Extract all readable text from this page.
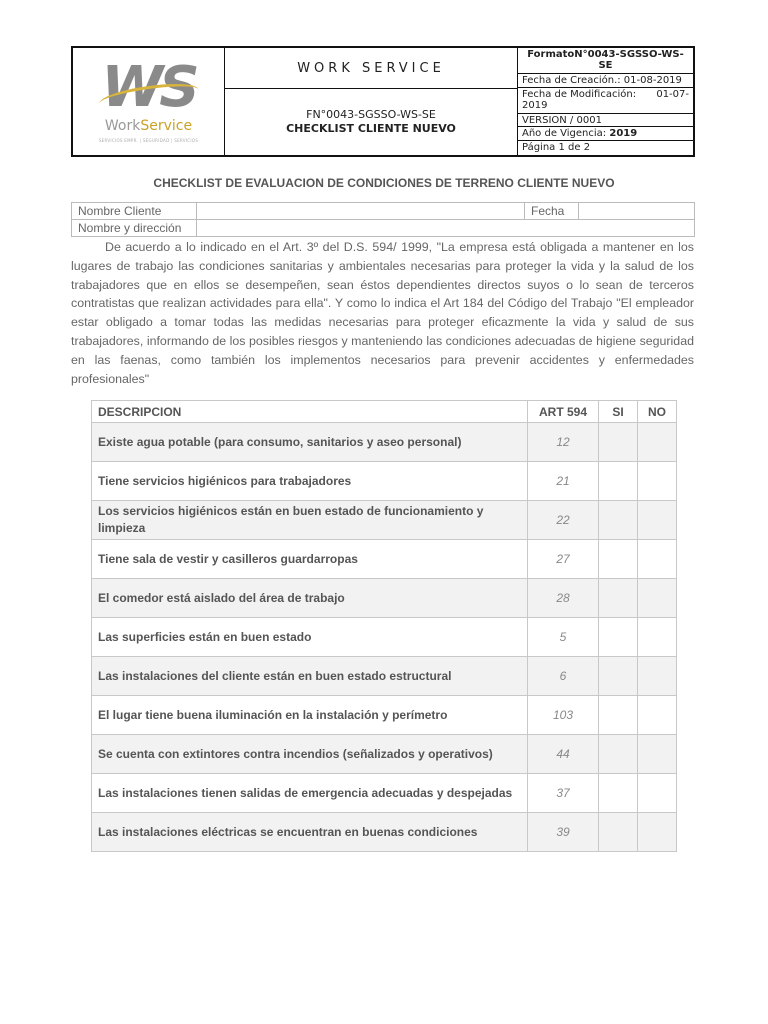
WS
WorkService
SERVICIOS EMPR. | SEGURIDAD | SERVICIOS
WORK SERVICE
FN°0043-SGSSO-WS-SE
CHECKLIST CLIENTE NUEVO
FormatoN°0043-SGSSO-WS-SE
Fecha de Creación.: 01-08-2019
Fecha de Modificación: 01-07-
2019
VERSION / 0001
Año de Vigencia: 2019
Página 1 de 2
CHECKLIST DE EVALUACION DE CONDICIONES DE TERRENO CLIENTE NUEVO
Nombre Cliente		Fecha	
Nombre y dirección			

De acuerdo a lo indicado en el Art. 3º del D.S. 594/ 1999, "La empresa está obligada a mantener en los lugares de trabajo las condiciones sanitarias y ambientales necesarias para proteger la vida y la salud de los trabajadores que en ellos se desempeñen, sean éstos dependientes directos suyos o lo sean de terceros contratistas que realizan actividades para ella". Y como lo indica el Art 184 del Código del Trabajo "El empleador estar obligado a tomar todas las medidas necesarias para proteger eficazmente la vida y salud de sus trabajadores, informando de los posibles riesgos y manteniendo las condiciones adecuadas de higiene seguridad en las faenas, como también los implementos necesarios para prevenir accidentes y enfermedades profesionales"

DESCRIPCION	ART 594	SI	NO
Existe agua potable (para consumo, sanitarios y aseo personal)	12		
Tiene servicios higiénicos para trabajadores	21		
Los servicios higiénicos están en buen estado de funcionamiento y limpieza	22		
Tiene sala de vestir y casilleros guardarropas	27		
El comedor está aislado del área de trabajo	28		
Las superficies están en buen estado	5		
Las instalaciones del cliente están en buen estado estructural	6		
El lugar tiene buena iluminación en la instalación y perímetro	103		
Se cuenta con extintores contra incendios (señalizados y operativos)	44		
Las instalaciones tienen salidas de emergencia adecuadas y despejadas	37		
Las instalaciones eléctricas se encuentran en buenas condiciones	39		
